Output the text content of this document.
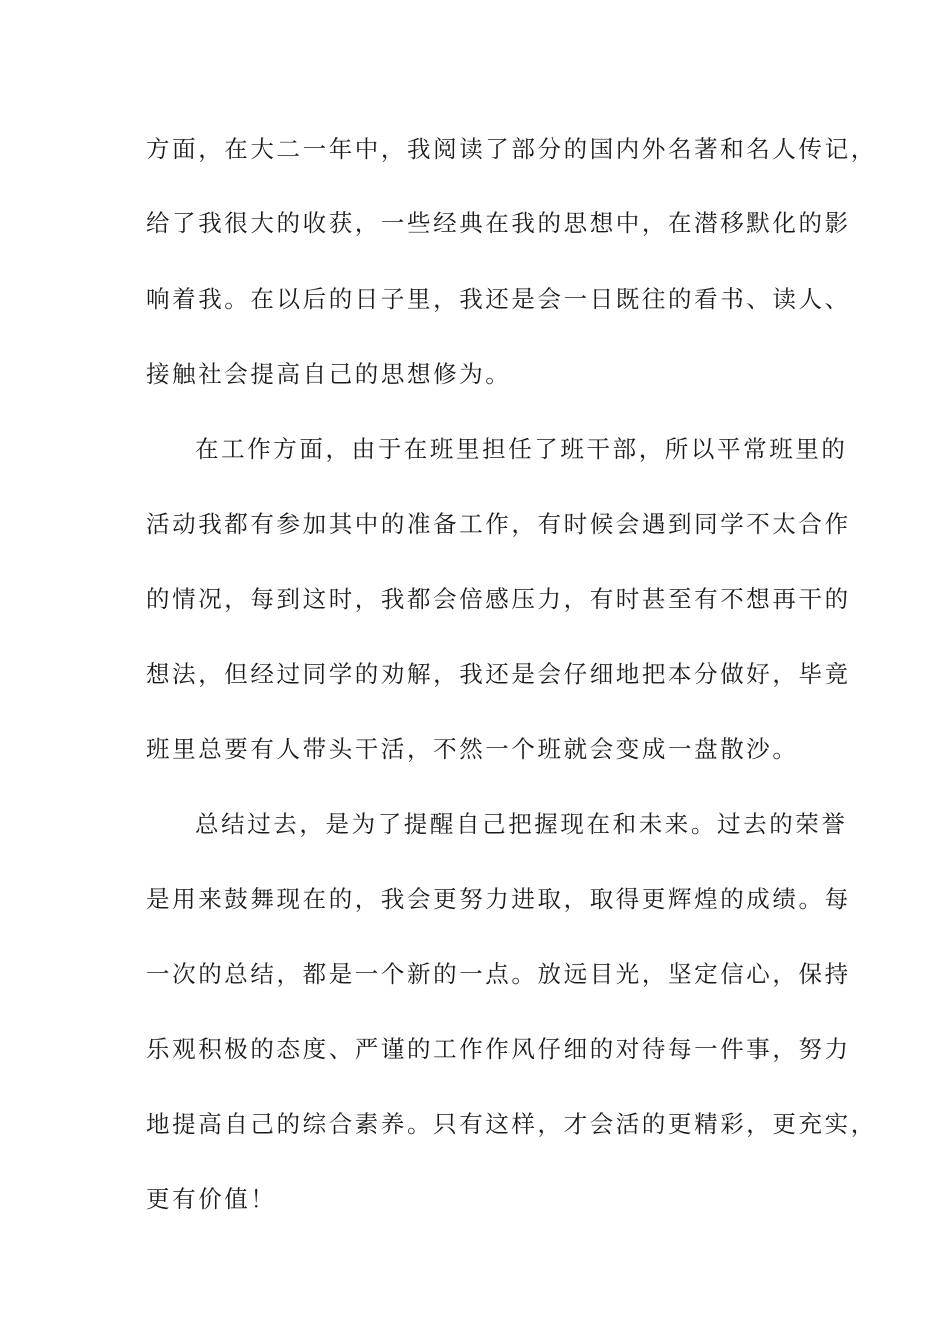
方面，在大二一年中，我阅读了部分的国内外名著和名人传记，

给了我很大的收获，一些经典在我的思想中，在潜移默化的影

响着我。在以后的日子里，我还是会一日既往的看书、读人、

接触社会提高自己的思想修为。

在工作方面，由于在班里担任了班干部，所以平常班里的

活动我都有参加其中的准备工作，有时候会遇到同学不太合作

的情况，每到这时，我都会倍感压力，有时甚至有不想再干的

想法，但经过同学的劝解，我还是会仔细地把本分做好，毕竟

班里总要有人带头干活，不然一个班就会变成一盘散沙。

总结过去，是为了提醒自己把握现在和未来。过去的荣誉

是用来鼓舞现在的，我会更努力进取，取得更辉煌的成绩。每

一次的总结，都是一个新的一点。放远目光，坚定信心，保持

乐观积极的态度、严谨的工作作风仔细的对待每一件事，努力

地提高自己的综合素养。只有这样，才会活的更精彩，更充实，

更有价值！
